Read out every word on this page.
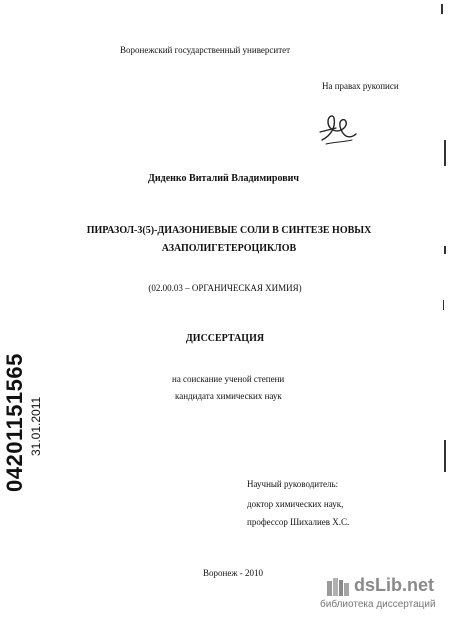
Воронежский государственный университет
На правах рукописи
Диденко Виталий Владимирович
ПИРАЗОЛ-3(5)-ДИАЗОНИЕВЫЕ СОЛИ В СИНТЕЗЕ НОВЫХ
АЗАПОЛИГЕТЕРОЦИКЛОВ
(02.00.03 – ОРГАНИЧЕСКАЯ ХИМИЯ)
ДИССЕРТАЦИЯ
на соискание ученой степени
кандидата химических наук
Научный руководитель:
доктор химических наук,
профессор Шихалиев Х.С.
Воронеж - 2010
04201151565 31.01.2011
dsLib.net
библиотека диссертаций
